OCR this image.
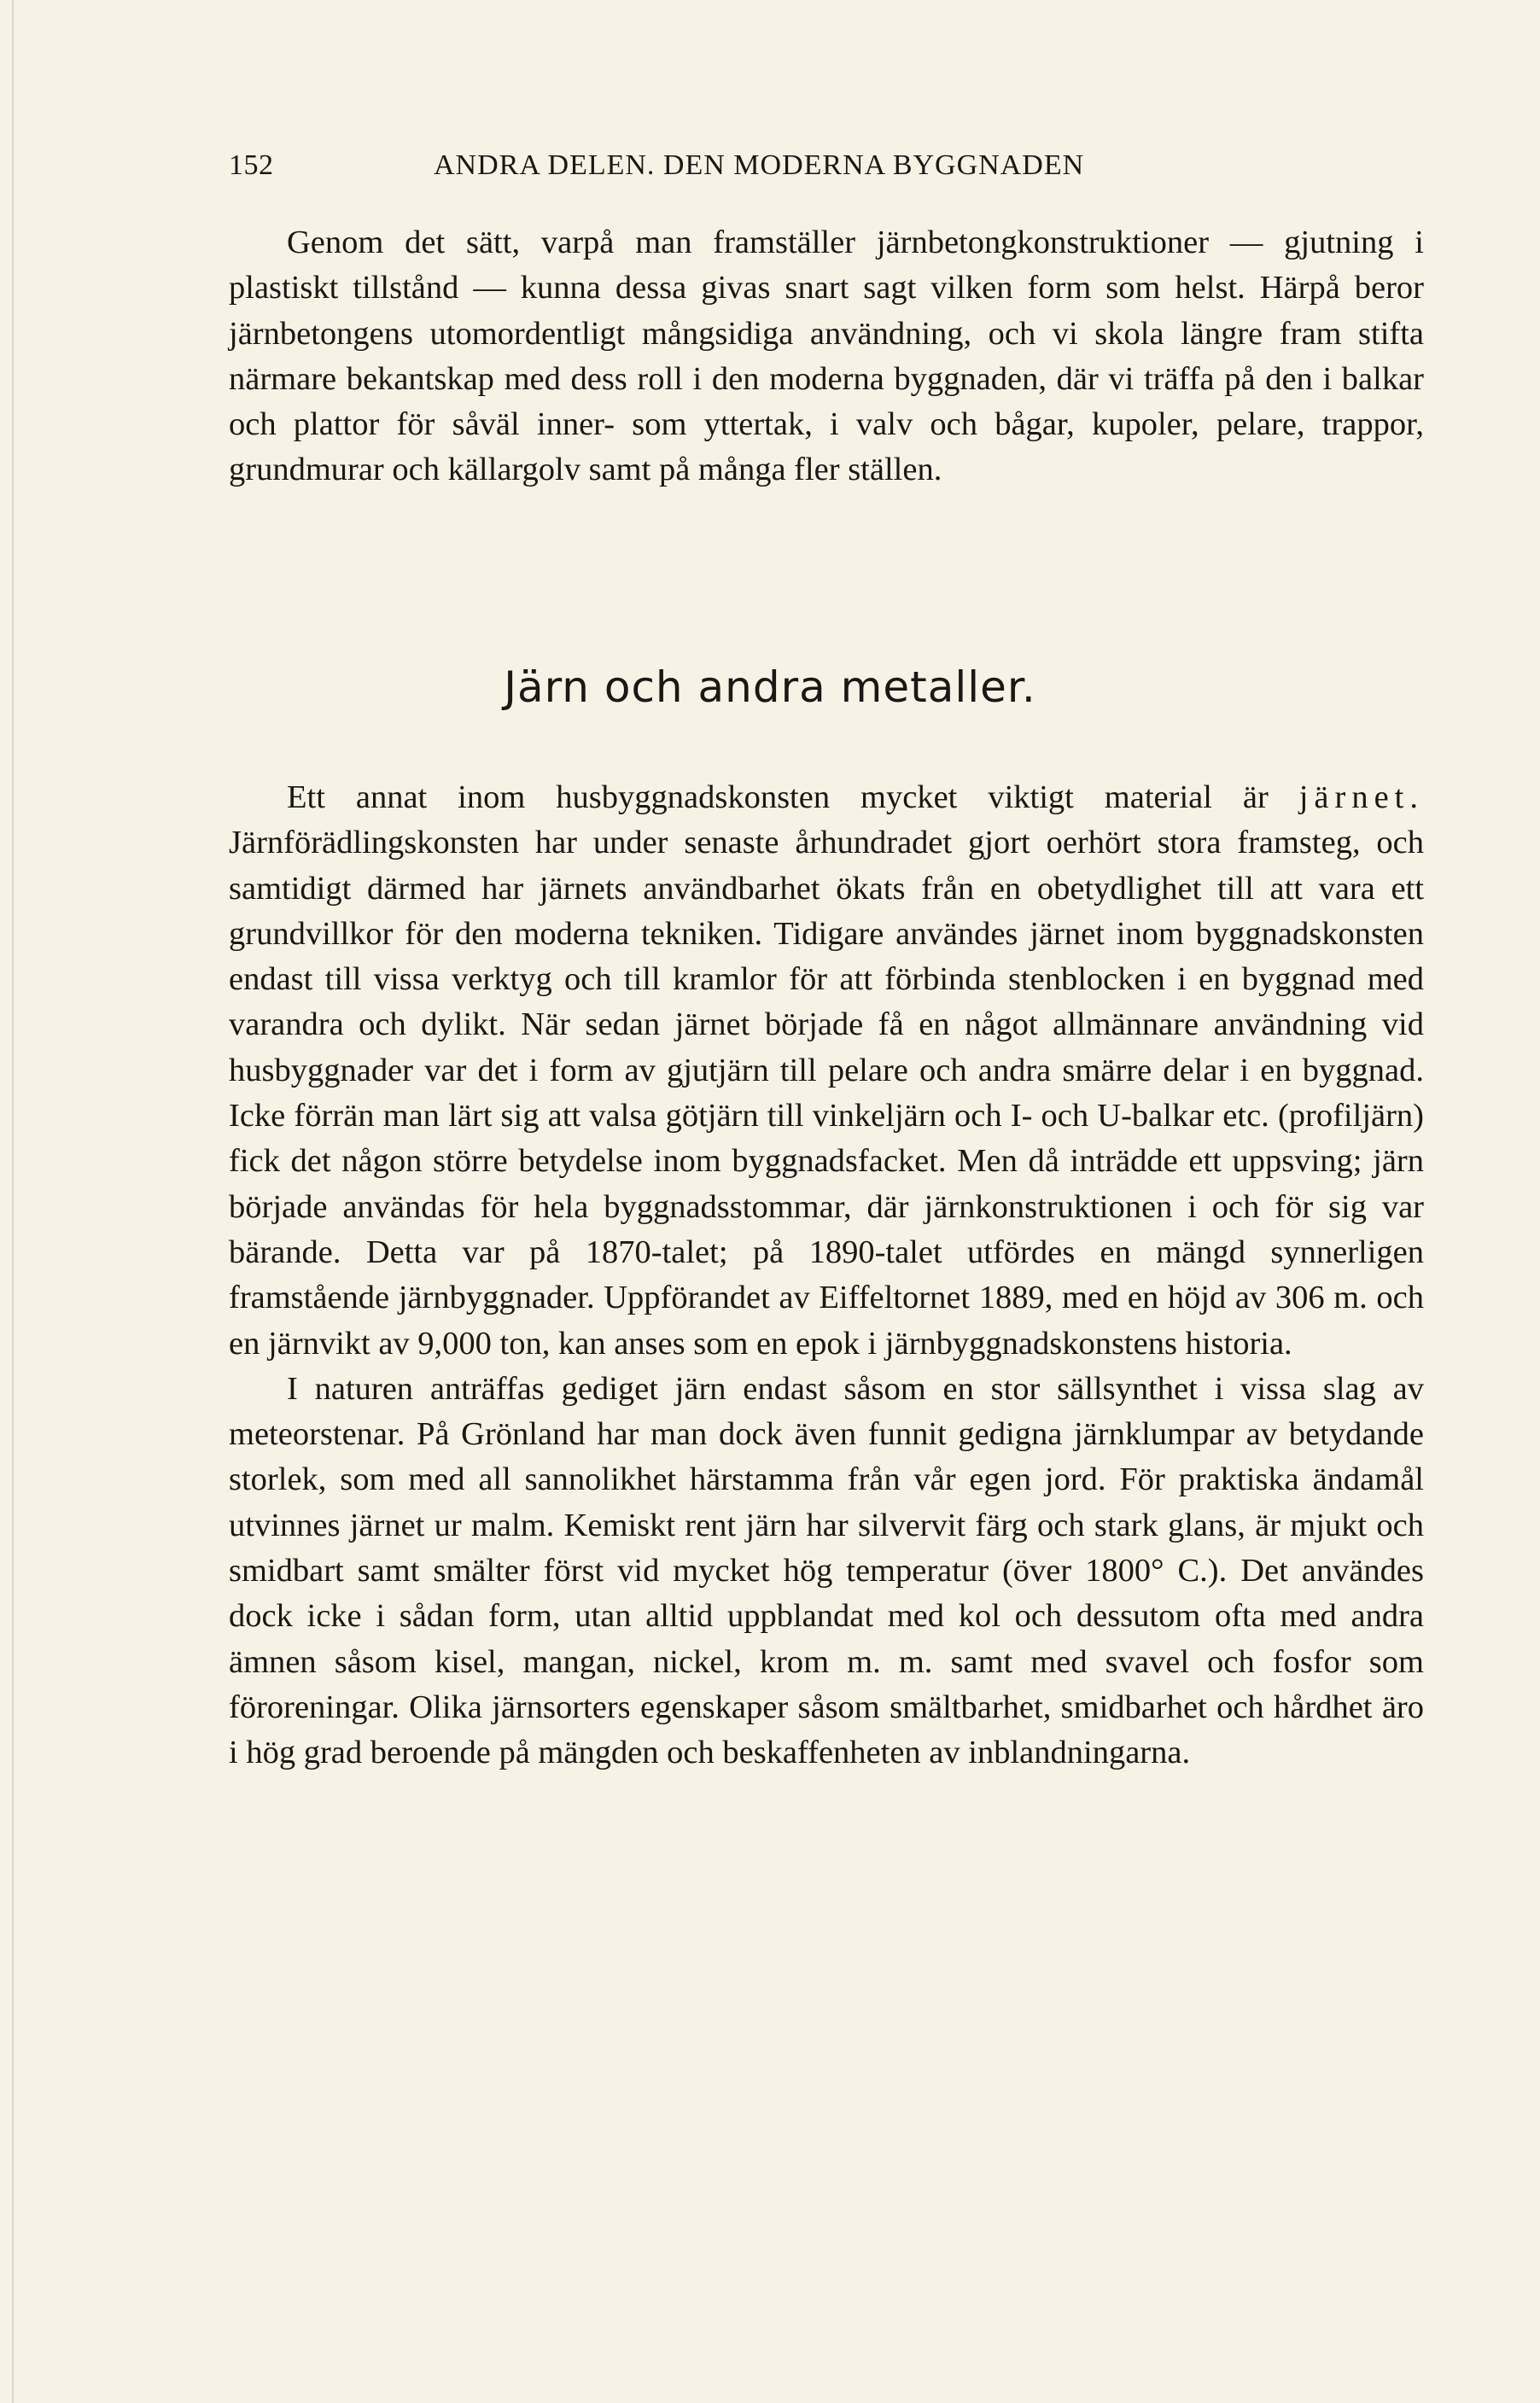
152	ANDRA DELEN. DEN MODERNA BYGGNADEN

Genom det sätt, varpå man framställer järnbetongkonstruktioner — gjutning i plastiskt tillstånd — kunna dessa givas snart sagt vilken form som helst. Härpå beror järnbetongens utomordentligt mångsidiga användning, och vi skola längre fram stifta närmare bekantskap med dess roll i den moderna byggnaden, där vi träffa på den i balkar och plattor för såväl inner- som yttertak, i valv och bågar, kupoler, pelare, trappor, grundmurar och källargolv samt på många fler ställen.

Järn och andra metaller.

Ett annat inom husbyggnadskonsten mycket viktigt material är järnet. Järnförädlingskonsten har under senaste århundradet gjort oerhört stora framsteg, och samtidigt därmed har järnets användbarhet ökats från en obetydlighet till att vara ett grundvillkor för den moderna tekniken. Tidigare användes järnet inom byggnadskonsten endast till vissa verktyg och till kramlor för att förbinda stenblocken i en byggnad med varandra och dylikt. När sedan järnet började få en något allmännare användning vid husbyggnader var det i form av gjutjärn till pelare och andra smärre delar i en byggnad. Icke förrän man lärt sig att valsa götjärn till vinkeljärn och I- och U-balkar etc. (profiljärn) fick det någon större betydelse inom byggnadsfacket. Men då inträdde ett uppsving; järn började användas för hela byggnadsstommar, där järnkonstruktionen i och för sig var bärande. Detta var på 1870-talet; på 1890-talet utfördes en mängd synnerligen framstående järnbyggnader. Uppförandet av Eiffeltornet 1889, med en höjd av 306 m. och en järnvikt av 9,000 ton, kan anses som en epok i järnbyggnadskonstens historia.

I naturen anträffas gediget järn endast såsom en stor sällsynthet i vissa slag av meteorstenar. På Grönland har man dock även funnit gedigna järnklumpar av betydande storlek, som med all sannolikhet härstamma från vår egen jord. För praktiska ändamål utvinnes järnet ur malm. Kemiskt rent järn har silvervit färg och stark glans, är mjukt och smidbart samt smälter först vid mycket hög temperatur (över 1800° C.). Det användes dock icke i sådan form, utan alltid uppblandat med kol och dessutom ofta med andra ämnen såsom kisel, mangan, nickel, krom m. m. samt med svavel och fosfor som föroreningar. Olika järnsorters egenskaper såsom smältbarhet, smidbarhet och hårdhet äro i hög grad beroende på mängden och beskaffenheten av inblandningarna.
